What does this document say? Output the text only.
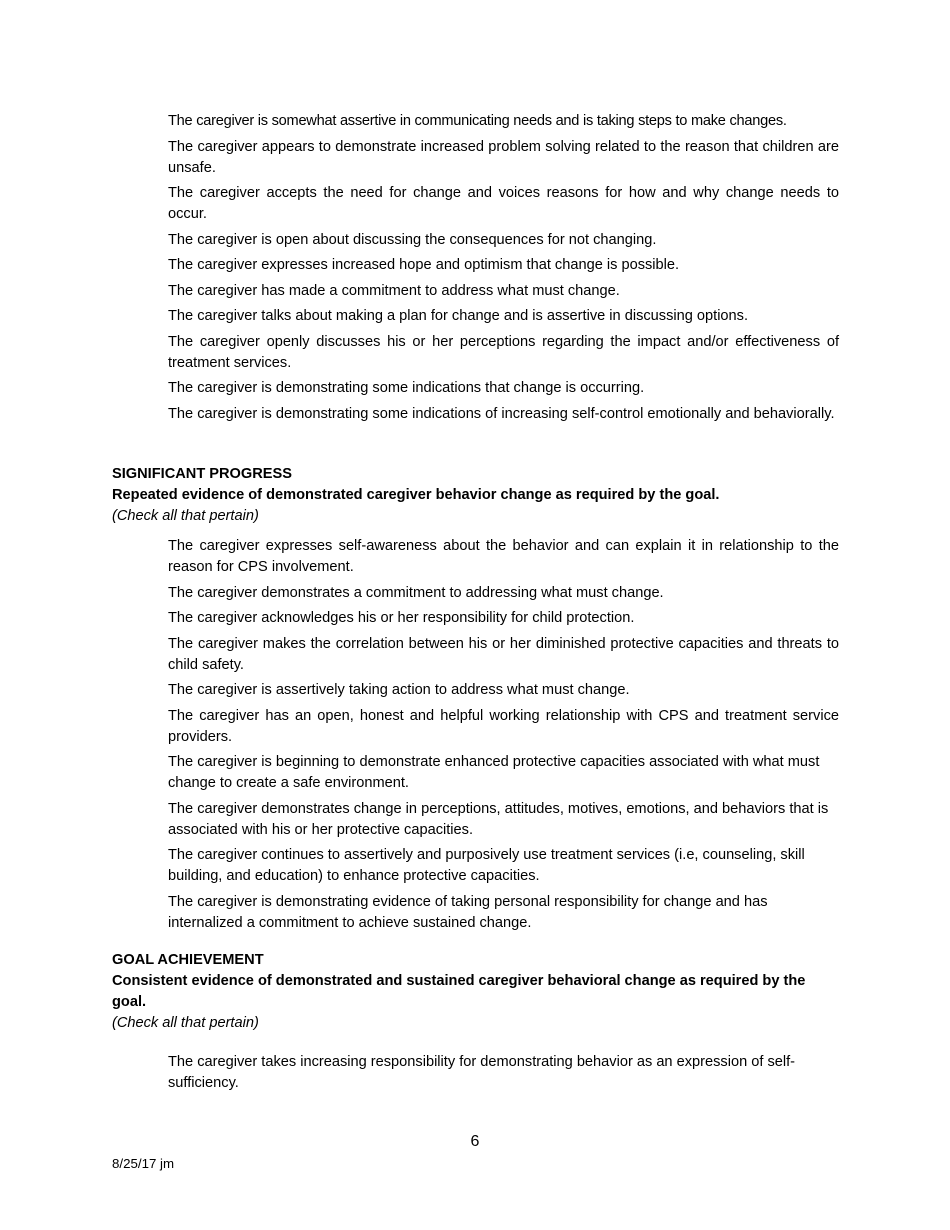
The caregiver is somewhat assertive in communicating needs and is taking steps to make changes.
The caregiver appears to demonstrate increased problem solving related to the reason that children are unsafe.
The caregiver accepts the need for change and voices reasons for how and why change needs to occur.
The caregiver is open about discussing the consequences for not changing.
The caregiver expresses increased hope and optimism that change is possible.
The caregiver has made a commitment to address what must change.
The caregiver talks about making a plan for change and is assertive in discussing options.
The caregiver openly discusses his or her perceptions regarding the impact and/or effectiveness of treatment services.
The caregiver is demonstrating some indications that change is occurring.
The caregiver is demonstrating some indications of increasing self-control emotionally and behaviorally.
SIGNIFICANT PROGRESS
Repeated evidence of demonstrated caregiver behavior change as required by the goal.
(Check all that pertain)
The caregiver expresses self-awareness about the behavior and can explain it in relationship to the reason for CPS involvement.
The caregiver demonstrates a commitment to addressing what must change.
The caregiver acknowledges his or her responsibility for child protection.
The caregiver makes the correlation between his or her diminished protective capacities and threats to child safety.
The caregiver is assertively taking action to address what must change.
The caregiver has an open, honest and helpful working relationship with CPS and treatment service providers.
The caregiver is beginning to demonstrate enhanced protective capacities associated with what must change to create a safe environment.
The caregiver demonstrates change in perceptions, attitudes, motives, emotions, and behaviors that is associated with his or her protective capacities.
The caregiver continues to assertively and purposively use treatment services (i.e, counseling, skill building, and education) to enhance protective capacities.
The caregiver is demonstrating evidence of taking personal responsibility for change and has internalized a commitment to achieve sustained change.
GOAL ACHIEVEMENT
Consistent evidence of demonstrated and sustained caregiver behavioral change as required by the goal.
(Check all that pertain)
The caregiver takes increasing responsibility for demonstrating behavior as an expression of self-sufficiency.
6
8/25/17 jm
